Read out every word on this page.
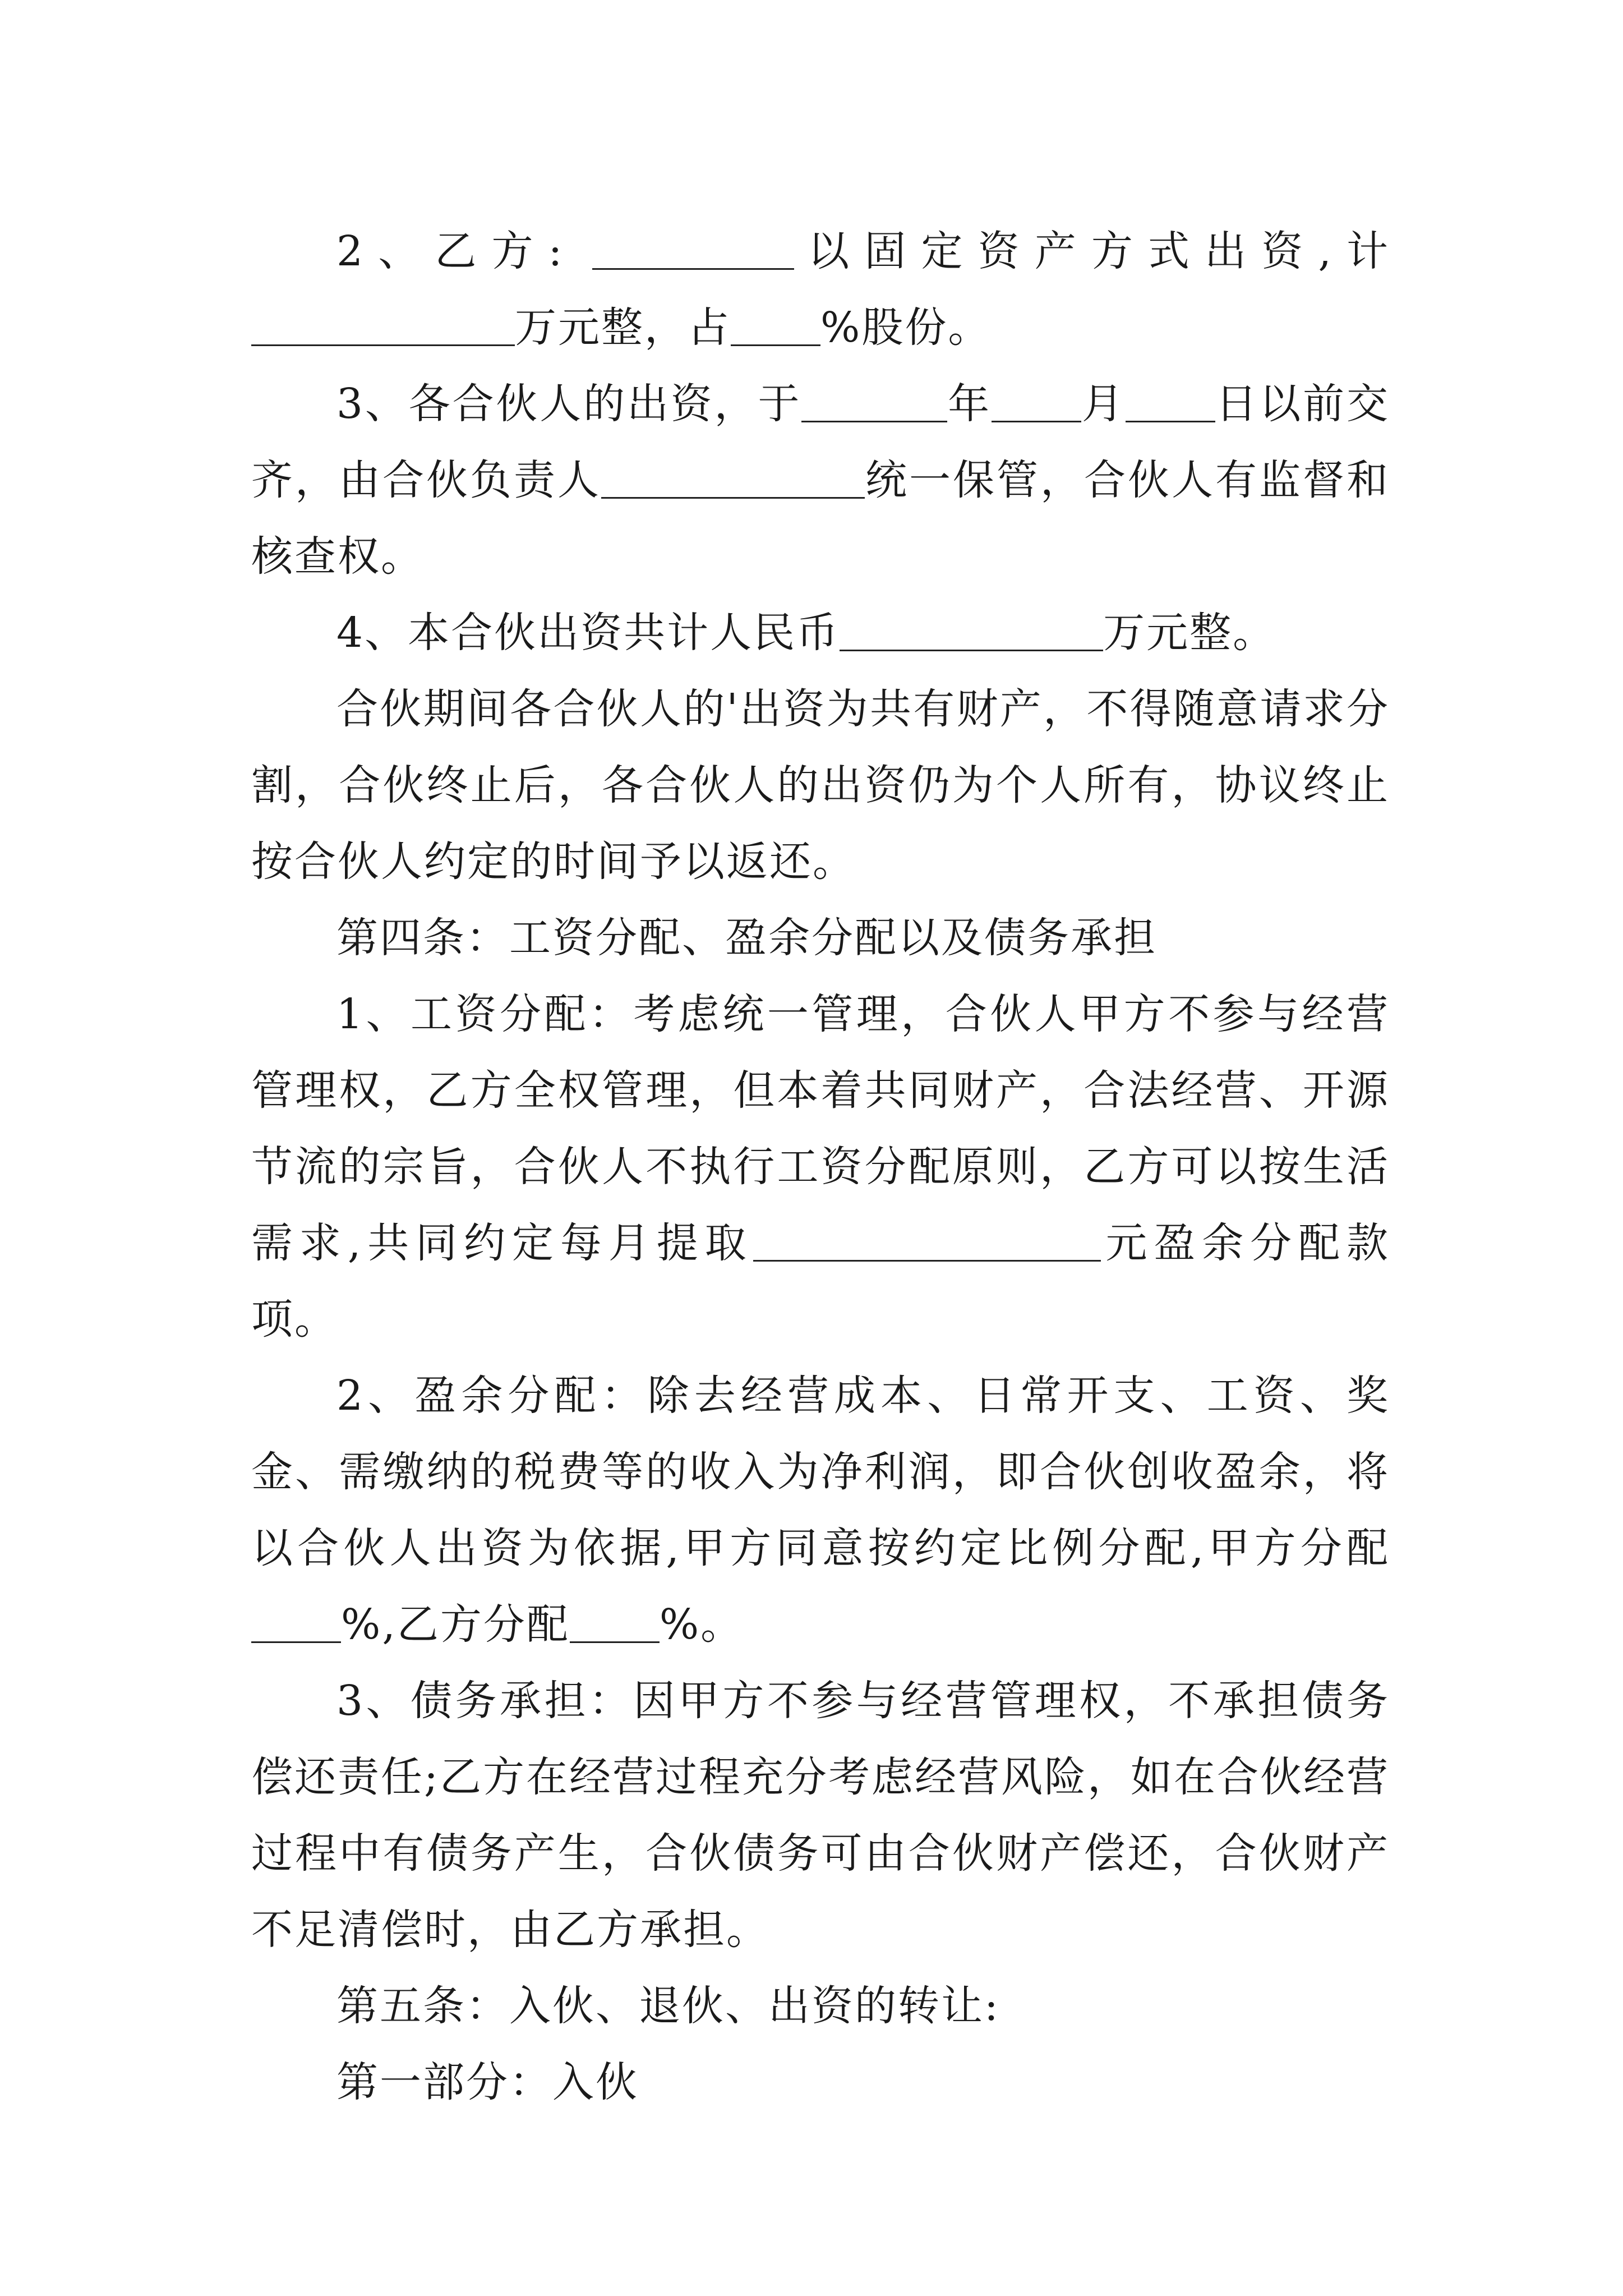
2、乙方:	以固定资产方式出资,计万元整，占 %股份。

3、各合伙人的出资，于	年 月 日以前交齐，由合伙负责人	统一保管，合伙人有监督和核查权。

4、本合伙出资共计人民币	万元整。

合伙期间各合伙人的'出资为共有财产，不得随意请求分割，合伙终止后，各合伙人的出资仍为个人所有，协议终止按合伙人约定的时间予以返还。

第四条：工资分配、盈余分配以及债务承担

1、工资分配：考虑统一管理，合伙人甲方不参与经营管理权，乙方全权管理，但本着共同财产，合法经营、开源节流的宗旨，合伙人不执行工资分配原则，乙方可以按生活需求,共同约定每月提取	元盈余分配款项。

2、盈余分配：除去经营成本、日常开支、工资、奖金、需缴纳的税费等的收入为净利润，即合伙创收盈余，将以合伙人出资为依据,甲方同意按约定比例分配,甲方分配%,乙方分配 %。

3、债务承担：因甲方不参与经营管理权，不承担债务偿还责任;乙方在经营过程充分考虑经营风险，如在合伙经营过程中有债务产生，合伙债务可由合伙财产偿还，合伙财产不足清偿时，由乙方承担。

第五条：入伙、退伙、出资的转让:

第一部分：入伙
